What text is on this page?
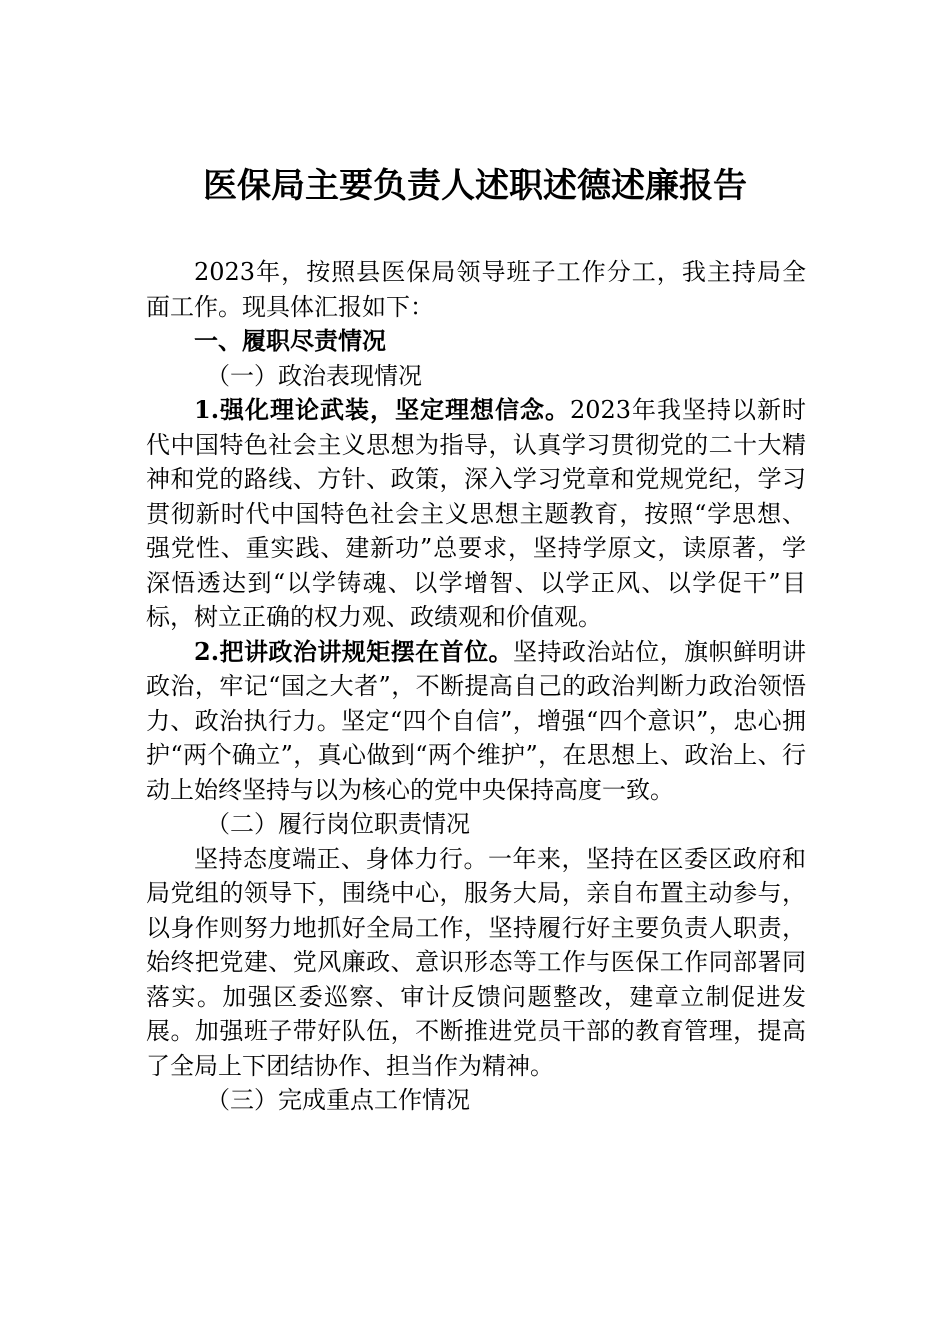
医保局主要负责人述职述德述廉报告

2023年，按照县医保局领导班子工作分工，我主持局全面工作。现具体汇报如下：

一、履职尽责情况

（一）政治表现情况

1.强化理论武装，坚定理想信念。2023年我坚持以新时代中国特色社会主义思想为指导，认真学习贯彻党的二十大精神和党的路线、方针、政策，深入学习党章和党规党纪，学习贯彻新时代中国特色社会主义思想主题教育，按照“学思想、强党性、重实践、建新功”总要求，坚持学原文，读原著，学深悟透达到“以学铸魂、以学增智、以学正风、以学促干”目标，树立正确的权力观、政绩观和价值观。

2.把讲政治讲规矩摆在首位。坚持政治站位，旗帜鲜明讲政治，牢记“国之大者”，不断提高自己的政治判断力政治领悟力、政治执行力。坚定“四个自信”，增强“四个意识”，忠心拥护“两个确立”，真心做到“两个维护”，在思想上、政治上、行动上始终坚持与以为核心的党中央保持高度一致。

（二）履行岗位职责情况

坚持态度端正、身体力行。一年来，坚持在区委区政府和局党组的领导下，围绕中心，服务大局，亲自布置主动参与，以身作则努力地抓好全局工作，坚持履行好主要负责人职责，始终把党建、党风廉政、意识形态等工作与医保工作同部署同落实。加强区委巡察、审计反馈问题整改，建章立制促进发展。加强班子带好队伍，不断推进党员干部的教育管理，提高了全局上下团结协作、担当作为精神。

（三）完成重点工作情况
